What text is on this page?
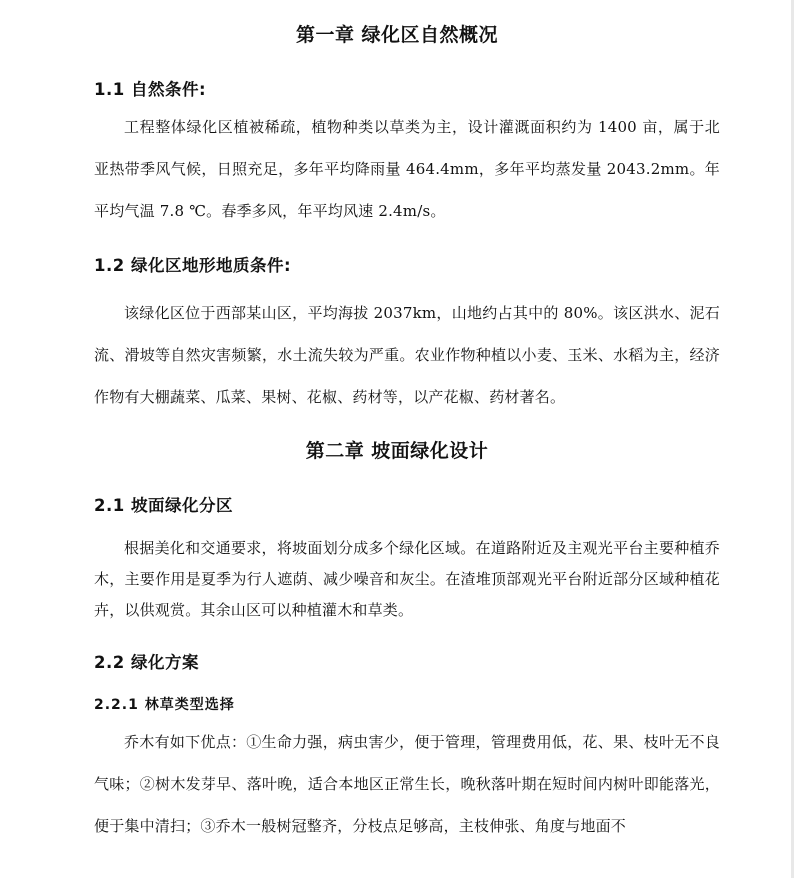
第一章 绿化区自然概况
1.1 自然条件:

工程整体绿化区植被稀疏，植物种类以草类为主，设计灌溉面积约为 1400 亩，属于北亚热带季风气候，日照充足，多年平均降雨量 464.4mm，多年平均蒸发量 2043.2mm。年平均气温 7.8 ℃。春季多风，年平均风速 2.4m/s。

1.2 绿化区地形地质条件:

该绿化区位于西部某山区，平均海拔 2037km，山地约占其中的 80%。该区洪水、泥石流、滑坡等自然灾害频繁，水土流失较为严重。农业作物种植以小麦、玉米、水稻为主，经济作物有大棚蔬菜、瓜菜、果树、花椒、药材等，以产花椒、药材著名。

第二章 坡面绿化设计
2.1 坡面绿化分区

根据美化和交通要求，将坡面划分成多个绿化区域。在道路附近及主观光平台主要种植乔木，主要作用是夏季为行人遮荫、减少噪音和灰尘。在渣堆顶部观光平台附近部分区域种植花卉，以供观赏。其余山区可以种植灌木和草类。

2.2 绿化方案
2.2.1 林草类型选择

乔木有如下优点：①生命力强，病虫害少，便于管理，管理费用低，花、果、枝叶无不良气味；②树木发芽早、落叶晚，适合本地区正常生长，晚秋落叶期在短时间内树叶即能落光，便于集中清扫；③乔木一般树冠整齐，分枝点足够高，主枝伸张、角度与地面不
